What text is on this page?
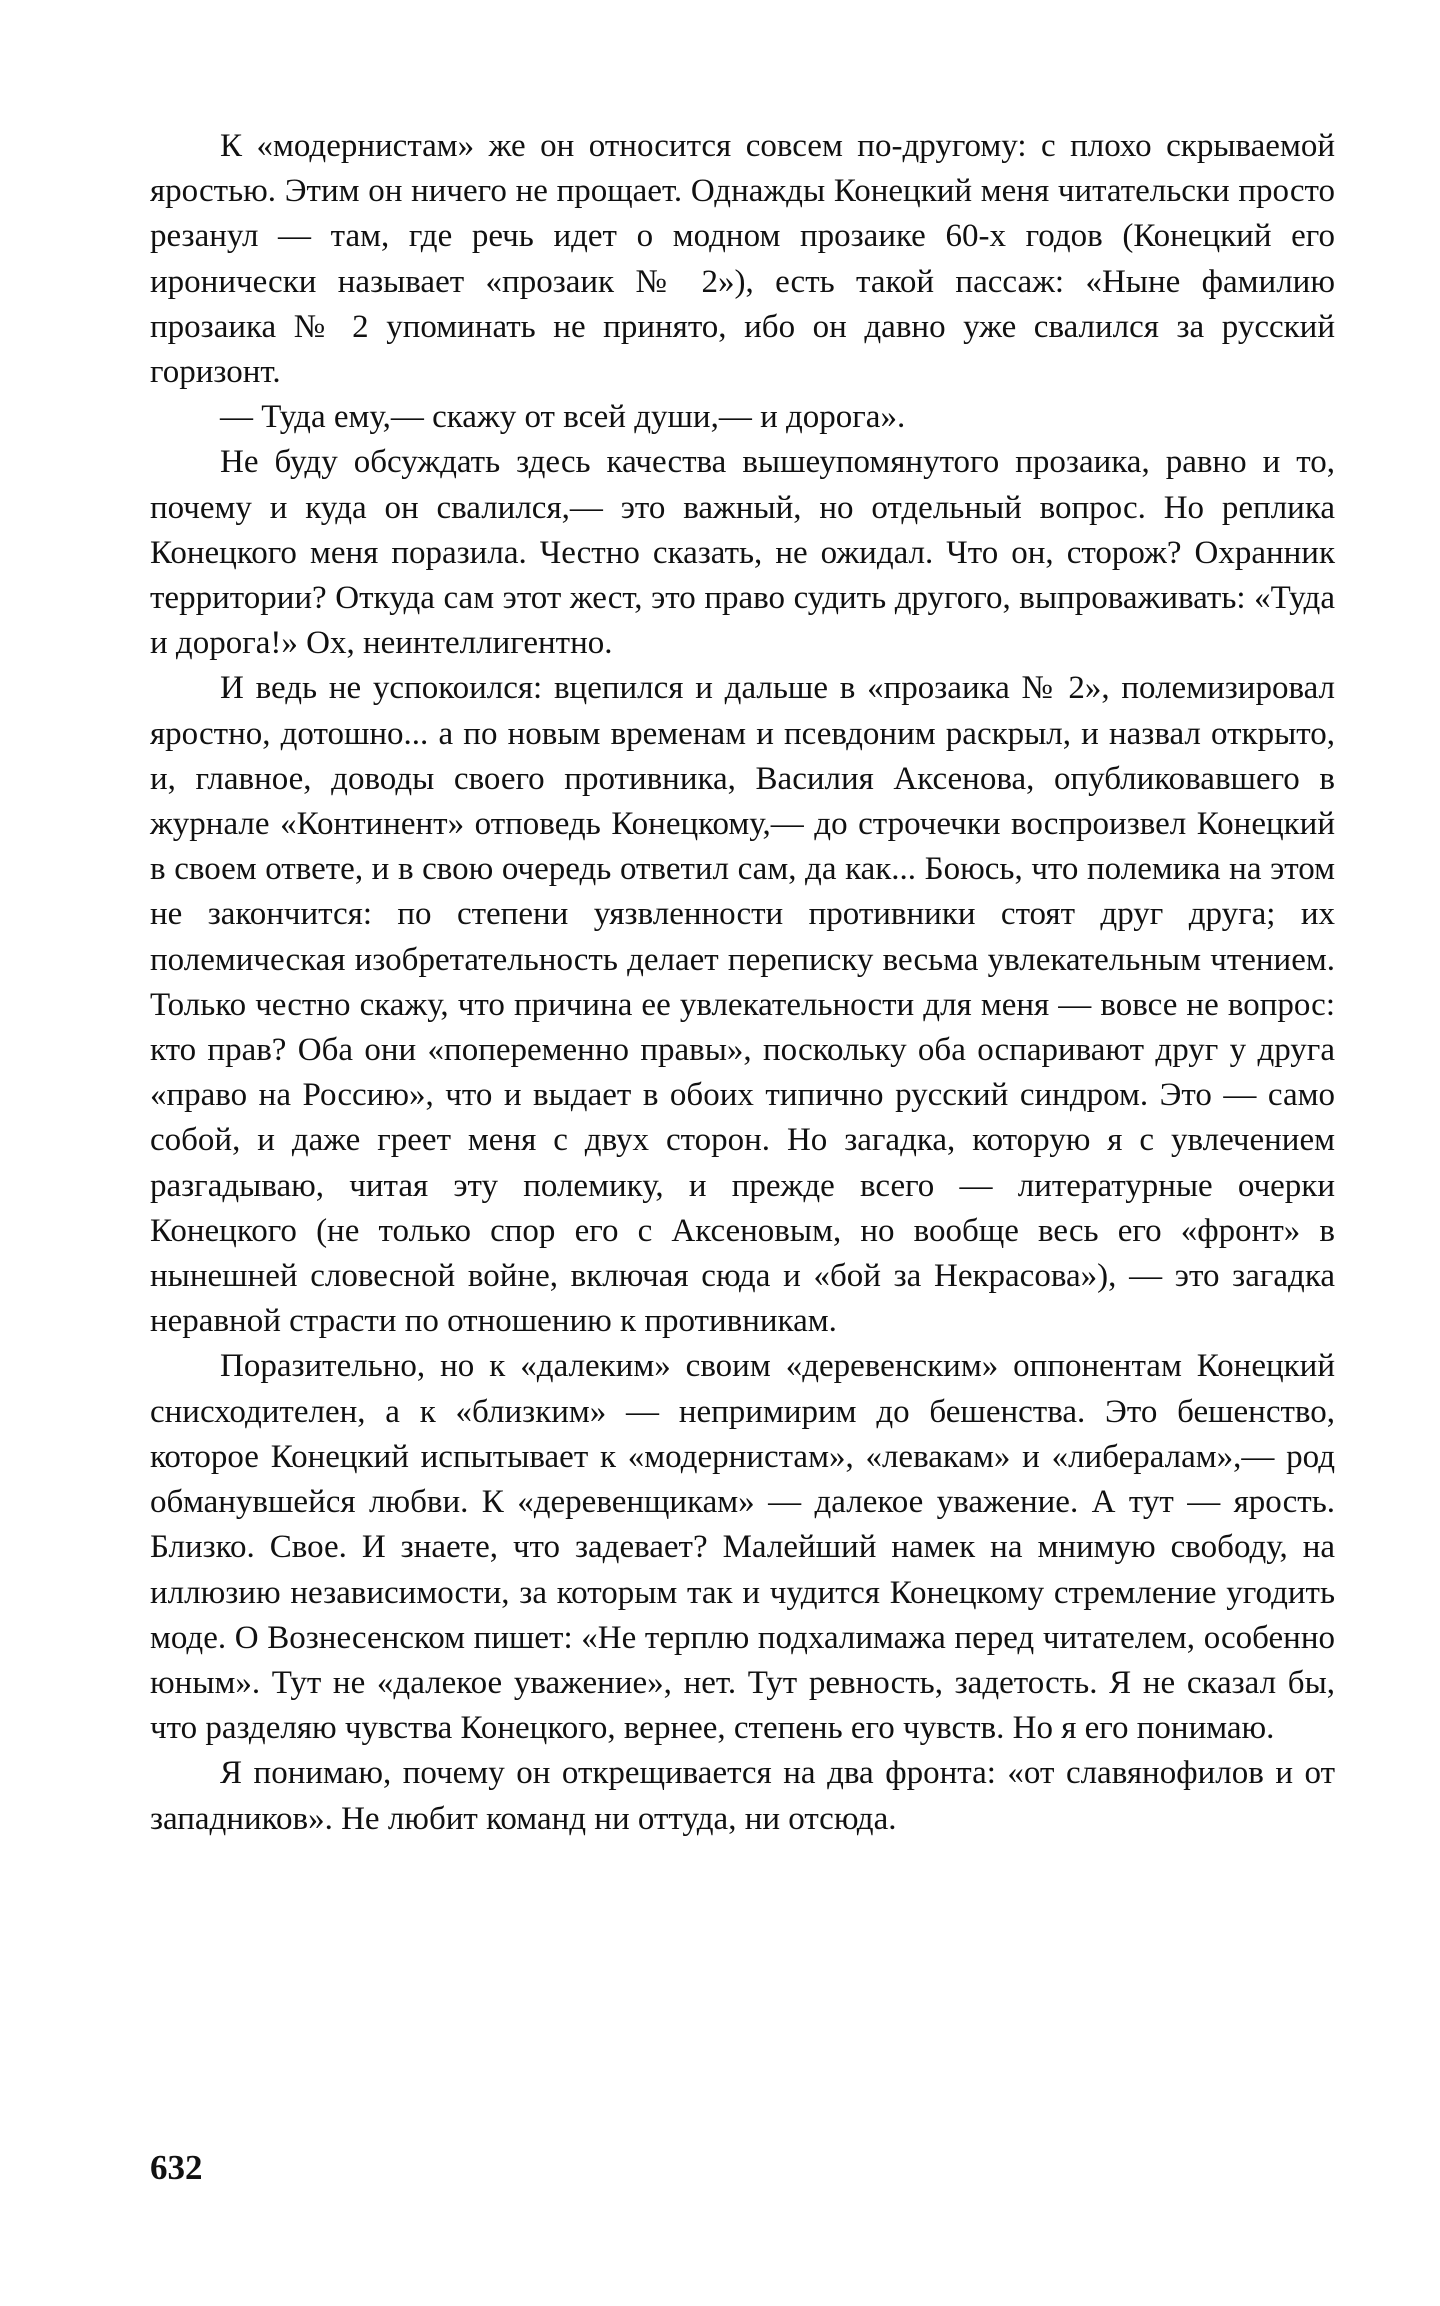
К «модернистам» же он относится совсем по-другому: с плохо скрываемой яростью. Этим он ничего не прощает. Однажды Конецкий меня читательски просто резанул — там, где речь идет о модном прозаике 60-х годов (Конецкий его иронически называет «прозаик № 2»), есть такой пассаж: «Ныне фамилию прозаика № 2 упоминать не принято, ибо он давно уже свалился за русский горизонт.

— Туда ему,— скажу от всей души,— и дорога».

Не буду обсуждать здесь качества вышеупомянутого прозаика, равно и то, почему и куда он свалился,— это важный, но отдельный вопрос. Но реплика Конецкого меня поразила. Честно сказать, не ожидал. Что он, сторож? Охранник территории? Откуда сам этот жест, это право судить другого, выпроваживать: «Туда и дорога!» Ох, неинтеллигентно.

И ведь не успокоился: вцепился и дальше в «прозаика № 2», полемизировал яростно, дотошно... а по новым временам и псевдоним раскрыл, и назвал открыто, и, главное, доводы своего противника, Василия Аксенова, опубликовавшего в журнале «Континент» отповедь Конецкому,— до строчечки воспроизвел Конецкий в своем ответе, и в свою очередь ответил сам, да как... Боюсь, что полемика на этом не закончится: по степени уязвленности противники стоят друг друга; их полемическая изобретательность делает переписку весьма увлекательным чтением. Только честно скажу, что причина ее увлекательности для меня — вовсе не вопрос: кто прав? Оба они «попеременно правы», поскольку оба оспаривают друг у друга «право на Россию», что и выдает в обоих типично русский синдром. Это — само собой, и даже греет меня с двух сторон. Но загадка, которую я с увлечением разгадываю, читая эту полемику, и прежде всего — литературные очерки Конецкого (не только спор его с Аксеновым, но вообще весь его «фронт» в нынешней словесной войне, включая сюда и «бой за Некрасова»), — это загадка неравной страсти по отношению к противникам.

Поразительно, но к «далеким» своим «деревенским» оппонентам Конецкий снисходителен, а к «близким» — непримирим до бешенства. Это бешенство, которое Конецкий испытывает к «модернистам», «левакам» и «либералам»,— род обманувшейся любви. К «деревенщикам» — далекое уважение. А тут — ярость. Близко. Свое. И знаете, что задевает? Малейший намек на мнимую свободу, на иллюзию независимости, за которым так и чудится Конецкому стремление угодить моде. О Вознесенском пишет: «Не терплю подхалимажа перед читателем, особенно юным». Тут не «далекое уважение», нет. Тут ревность, задетость. Я не сказал бы, что разделяю чувства Конецкого, вернее, степень его чувств. Но я его понимаю.

Я понимаю, почему он открещивается на два фронта: «от славянофилов и от западников». Не любит команд ни оттуда, ни отсюда.

632
